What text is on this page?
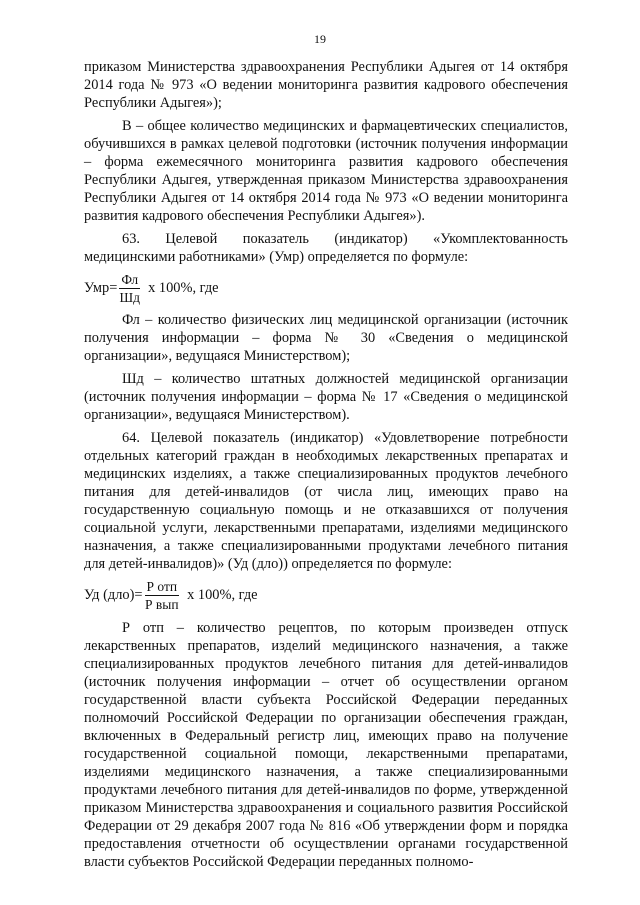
19

приказом Министерства здравоохранения Республики Адыгея от 14 октября 2014 года № 973 «О ведении мониторинга развития кадрового обеспечения Республики Адыгея»);

В – общее количество медицинских и фармацевтических специалистов, обучившихся в рамках целевой подготовки (источник получения информации – форма ежемесячного мониторинга развития кадрового обеспечения Республики Адыгея, утвержденная приказом Министерства здравоохранения Республики Адыгея от 14 октября 2014 года № 973 «О ведении мониторинга развития кадрового обеспечения Республики Адыгея»).

63. Целевой показатель (индикатор) «Укомплектованность медицинскими работниками» (Умр) определяется по формуле:

$Умр= \frac{Фл}{Шд}$ x 100%, где

Фл – количество физических лиц медицинской организации (источник получения информации – форма № 30 «Сведения о медицинской организации», ведущаяся Министерством);

Шд – количество штатных должностей медицинской организации (источник получения информации – форма № 17 «Сведения о медицинской организации», ведущаяся Министерством).

64. Целевой показатель (индикатор) «Удовлетворение потребности отдельных категорий граждан в необходимых лекарственных препаратах и медицинских изделиях, а также специализированных продуктов лечебного питания для детей-инвалидов (от числа лиц, имеющих право на государственную социальную помощь и не отказавшихся от получения социальной услуги, лекарственными препаратами, изделиями медицинского назначения, а также специализированными продуктами лечебного питания для детей-инвалидов)» (Уд (дло)) определяется по формуле:

Уд $(дло)= \frac{\text{Р отп}}{\text{Р вып}}$ x 100%, где

Р отп – количество рецептов, по которым произведен отпуск лекарственных препаратов, изделий медицинского назначения, а также специализированных продуктов лечебного питания для детей-инвалидов (источник получения информации – отчет об осуществлении органом государственной власти субъекта Российской Федерации переданных полномочий Российской Федерации по организации обеспечения граждан, включенных в Федеральный регистр лиц, имеющих право на получение государственной социальной помощи, лекарственными препаратами, изделиями медицинского назначения, а также специализированными продуктами лечебного питания для детей-инвалидов по форме, утвержденной приказом Министерства здравоохранения и социального развития Российской Федерации от 29 декабря 2007 года № 816 «Об утверждении форм и порядка предоставления отчетности об осуществлении органами государственной власти субъектов Российской Федерации переданных полномо-
